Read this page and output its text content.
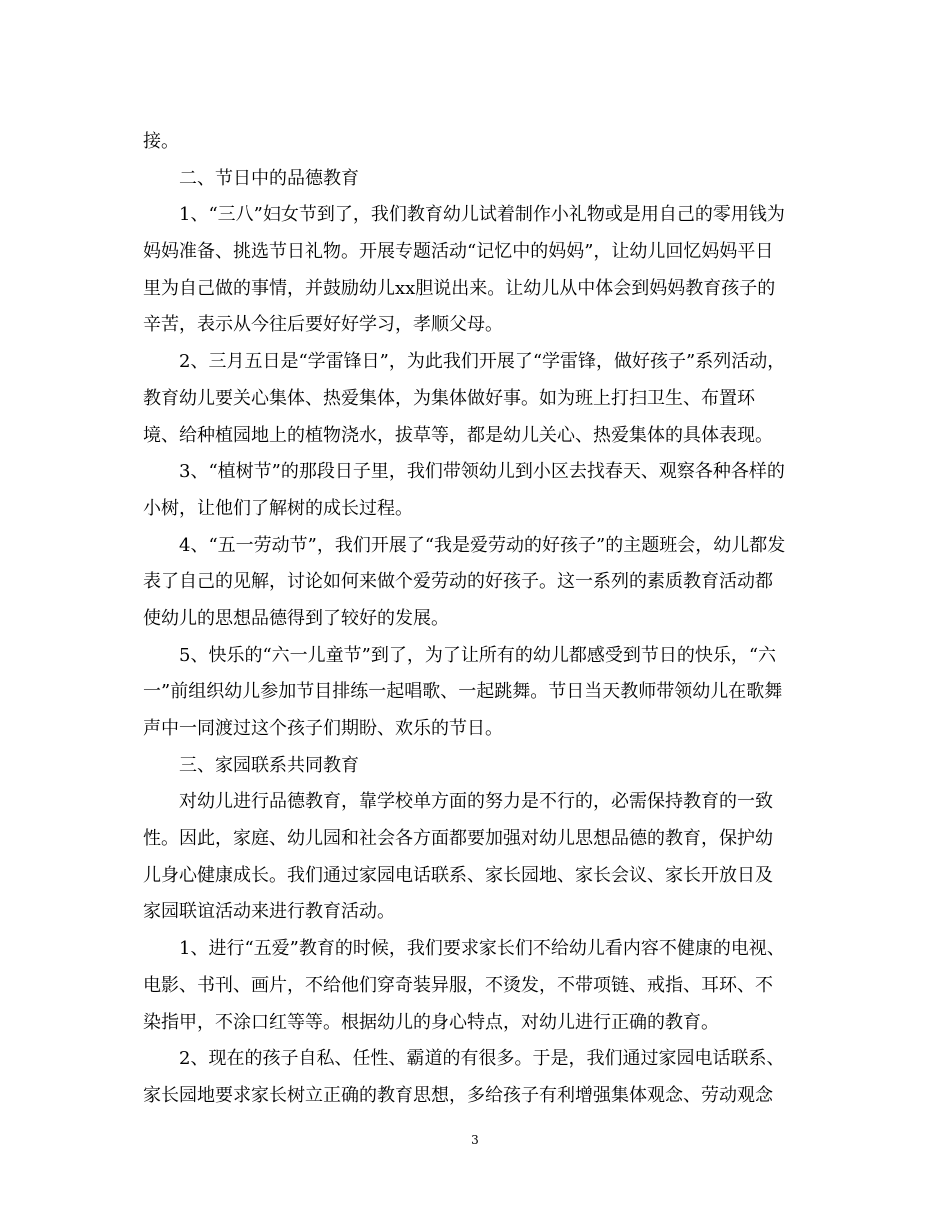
接。
二、节日中的品德教育
1、“三八”妇女节到了，我们教育幼儿试着制作小礼物或是用自己的零用钱为
妈妈准备、挑选节日礼物。开展专题活动“记忆中的妈妈”，让幼儿回忆妈妈平日
里为自己做的事情，并鼓励幼儿xx胆说出来。让幼儿从中体会到妈妈教育孩子的
辛苦，表示从今往后要好好学习，孝顺父母。
2、三月五日是“学雷锋日”，为此我们开展了“学雷锋，做好孩子”系列活动，
教育幼儿要关心集体、热爱集体，为集体做好事。如为班上打扫卫生、布置环
境、给种植园地上的植物浇水，拔草等，都是幼儿关心、热爱集体的具体表现。
3、“植树节”的那段日子里，我们带领幼儿到小区去找春天、观察各种各样的
小树，让他们了解树的成长过程。
4、“五一劳动节”，我们开展了“我是爱劳动的好孩子”的主题班会，幼儿都发
表了自己的见解，讨论如何来做个爱劳动的好孩子。这一系列的素质教育活动都
使幼儿的思想品德得到了较好的发展。
5、快乐的“六一儿童节”到了，为了让所有的幼儿都感受到节日的快乐，“六
一”前组织幼儿参加节目排练一起唱歌、一起跳舞。节日当天教师带领幼儿在歌舞
声中一同渡过这个孩子们期盼、欢乐的节日。
三、家园联系共同教育
对幼儿进行品德教育，靠学校单方面的努力是不行的，必需保持教育的一致
性。因此，家庭、幼儿园和社会各方面都要加强对幼儿思想品德的教育，保护幼
儿身心健康成长。我们通过家园电话联系、家长园地、家长会议、家长开放日及
家园联谊活动来进行教育活动。
1、进行“五爱”教育的时候，我们要求家长们不给幼儿看内容不健康的电视、
电影、书刊、画片，不给他们穿奇装异服，不烫发，不带项链、戒指、耳环、不
染指甲，不涂口红等等。根据幼儿的身心特点，对幼儿进行正确的教育。
2、现在的孩子自私、任性、霸道的有很多。于是，我们通过家园电话联系、
家长园地要求家长树立正确的教育思想，多给孩子有利增强集体观念、劳动观念
3
